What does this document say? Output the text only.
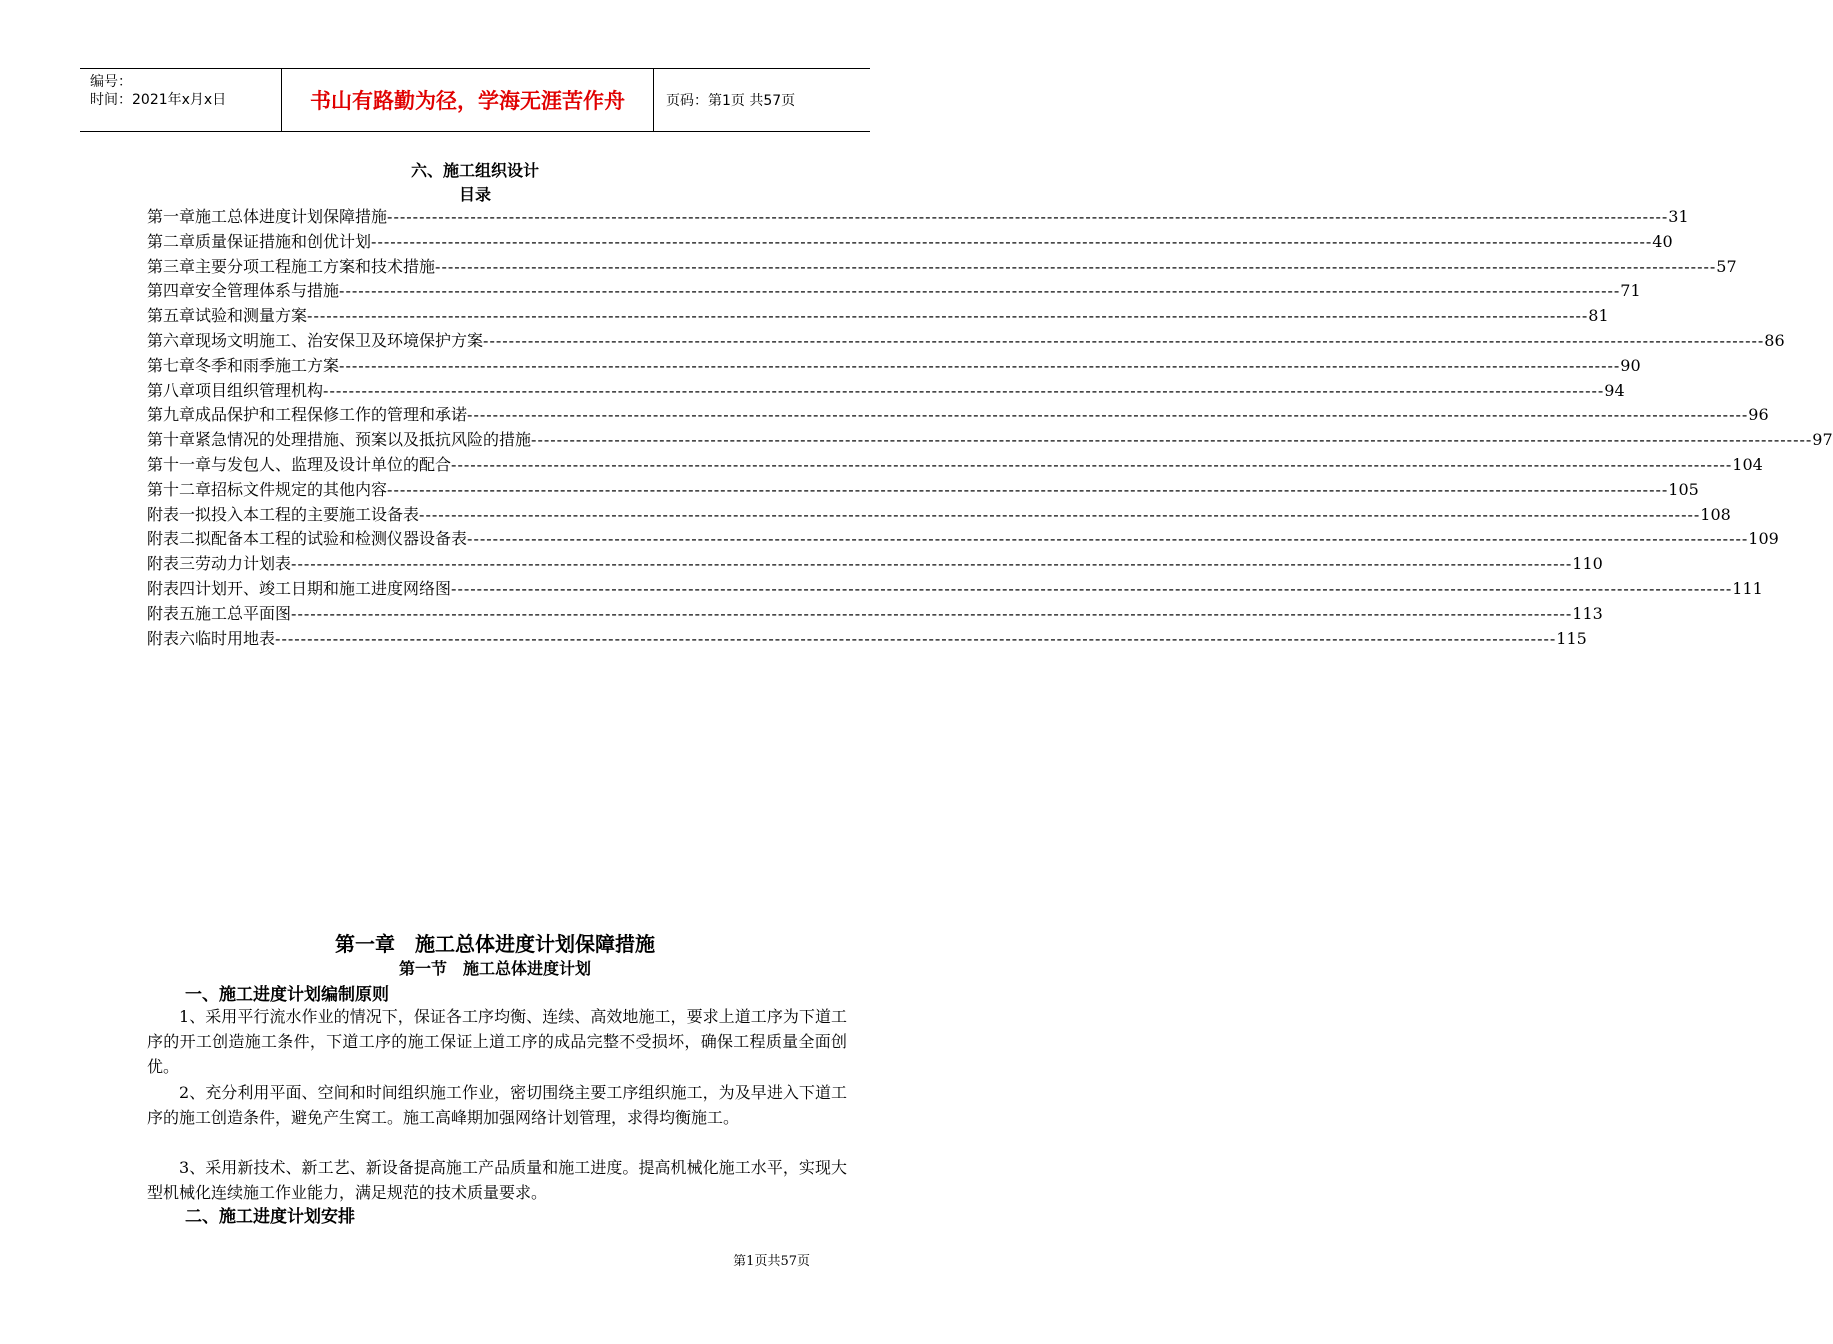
编号：
时间：2021年x月x日	书山有路勤为径，学海无涯苦作舟	页码：第1页 共57页
六、施工组织设计
目录
第一章 施工总体进度计划保障措施 -------------------------------------------------------------------------------------------------------------------------------------------------------------------------------------------------------- 31
第二章 质量保证措施和创优计划 -------------------------------------------------------------------------------------------------------------------------------------------------------------------------------------------------------- 40
第三章 主要分项工程施工方案和技术措施 -------------------------------------------------------------------------------------------------------------------------------------------------------------------------------------------------------- 57
第四章 安全管理体系与措施 -------------------------------------------------------------------------------------------------------------------------------------------------------------------------------------------------------- 71
第五章 试验和测量方案 -------------------------------------------------------------------------------------------------------------------------------------------------------------------------------------------------------- 81
第六章 现场文明施工、治安保卫及环境保护方案 -------------------------------------------------------------------------------------------------------------------------------------------------------------------------------------------------------- 86
第七章 冬季和雨季施工方案 -------------------------------------------------------------------------------------------------------------------------------------------------------------------------------------------------------- 90
第八章 项目组织管理机构 -------------------------------------------------------------------------------------------------------------------------------------------------------------------------------------------------------- 94
第九章 成品保护和工程保修工作的管理和承诺 -------------------------------------------------------------------------------------------------------------------------------------------------------------------------------------------------------- 96
第十章 紧急情况的处理措施、预案以及抵抗风险的措施 -------------------------------------------------------------------------------------------------------------------------------------------------------------------------------------------------------- 97
第十一章 与发包人、监理及设计单位的配合 -------------------------------------------------------------------------------------------------------------------------------------------------------------------------------------------------------- 104
第十二章 招标文件规定的其他内容 -------------------------------------------------------------------------------------------------------------------------------------------------------------------------------------------------------- 105
附表一 拟投入本工程的主要施工设备表 -------------------------------------------------------------------------------------------------------------------------------------------------------------------------------------------------------- 108
附表二 拟配备本工程的试验和检测仪器设备表 -------------------------------------------------------------------------------------------------------------------------------------------------------------------------------------------------------- 109
附表三 劳动力计划表 -------------------------------------------------------------------------------------------------------------------------------------------------------------------------------------------------------- 110
附表四 计划开、竣工日期和施工进度网络图 -------------------------------------------------------------------------------------------------------------------------------------------------------------------------------------------------------- 111
附表五 施工总平面图 -------------------------------------------------------------------------------------------------------------------------------------------------------------------------------------------------------- 113
附表六 临时用地表 -------------------------------------------------------------------------------------------------------------------------------------------------------------------------------------------------------- 115
第一章　施工总体进度计划保障措施
第一节　施工总体进度计划
一、施工进度计划编制原则
1、采用平行流水作业的情况下，保证各工序均衡、连续、高效地施工，要求上道工序为下道工序的开工创造施工条件，下道工序的施工保证上道工序的成品完整不受损坏，确保工程质量全面创优。
2、充分利用平面、空间和时间组织施工作业，密切围绕主要工序组织施工，为及早进入下道工序的施工创造条件，避免产生窝工。施工高峰期加强网络计划管理，求得均衡施工。
3、采用新技术、新工艺、新设备提高施工产品质量和施工进度。提高机械化施工水平，实现大型机械化连续施工作业能力，满足规范的技术质量要求。
二、施工进度计划安排
第1页共57页
